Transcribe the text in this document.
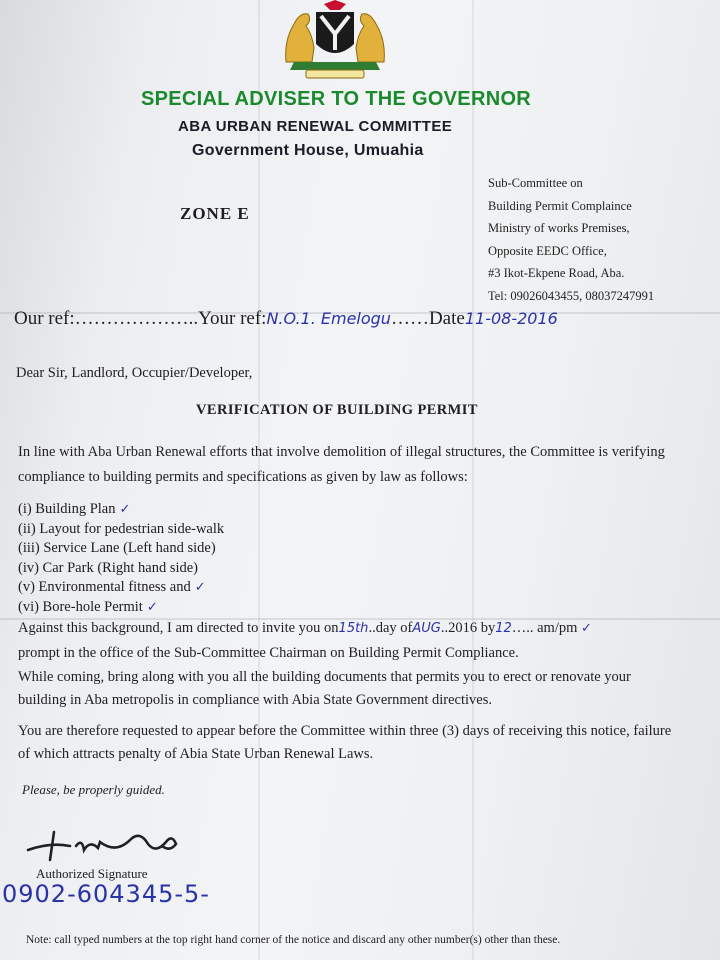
SPECIAL ADVISER TO THE GOVERNOR
ABA URBAN RENEWAL COMMITTEE
Government House, Umuahia
ZONE E
Sub-Committee on
Building Permit Complaince
Ministry of works Premises,
Opposite EEDC Office,
#3 Ikot-Ekpene Road, Aba.
Tel: 09026043455, 08037247991
Our ref:………………..Your ref:N.O.1. Emelogu……Date11-08-2016
Dear Sir, Landlord, Occupier/Developer,
VERIFICATION OF BUILDING PERMIT
In line with Aba Urban Renewal efforts that involve demolition of illegal structures, the Committee is verifying compliance to building permits and specifications as given by law as follows:
(i) Building Plan ✓
(ii) Layout for pedestrian side-walk
(iii) Service Lane (Left hand side)
(iv) Car Park (Right hand side)
(v) Environmental fitness and ✓
(vi) Bore-hole Permit ✓
Against this background, I am directed to invite you on15th..day ofAUG..2016 by12….. am/pm ✓
prompt in the office of the Sub-Committee Chairman on Building Permit Compliance.
While coming, bring along with you all the building documents that permits you to erect or renovate your building in Aba metropolis in compliance with Abia State Government directives.
You are therefore requested to appear before the Committee within three (3) days of receiving this notice, failure of which attracts penalty of Abia State Urban Renewal Laws.
Please, be properly guided.
Authorized Signature
0902-604345-5-
Note: call typed numbers at the top right hand corner of the notice and discard any other number(s) other than these.
